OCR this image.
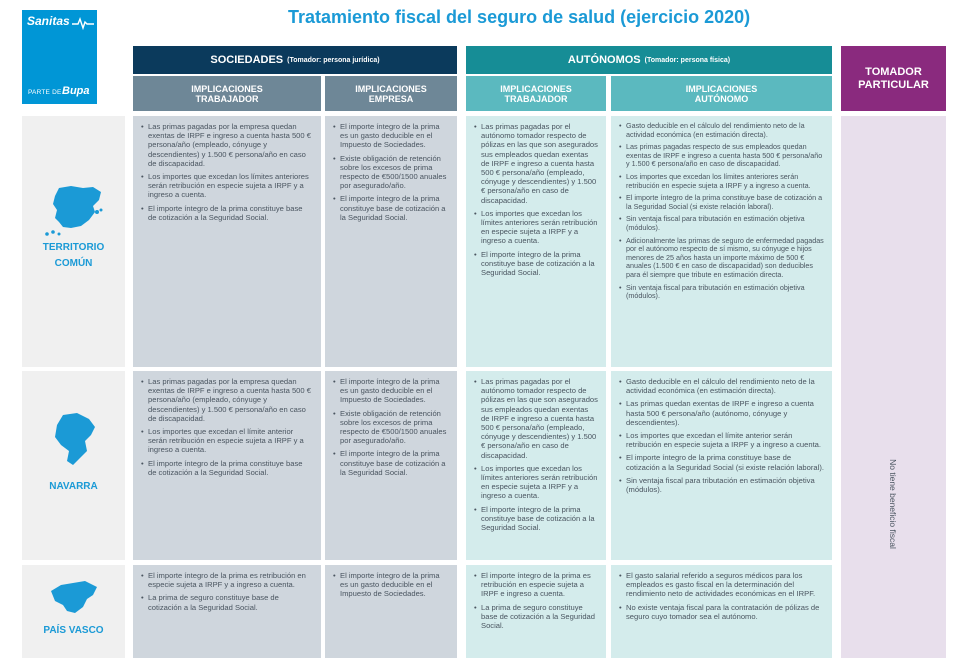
Sanitas
PARTE DE Bupa
Tratamiento fiscal del seguro de salud (ejercicio 2020)
SOCIEDADES (Tomador: persona jurídica)	AUTÓNOMOS (Tomador: persona física)
TOMADOR
PARTICULAR
IMPLICACIONES
TRABAJADOR
IMPLICACIONES
EMPRESA
IMPLICACIONES
TRABAJADOR
IMPLICACIONES
AUTÓNOMO
TERRITORIO
COMÚN
NAVARRA
PAÍS VASCO

• Las primas pagadas por la empresa quedan exentas de IRPF e ingreso a cuenta hasta 500 € persona/año (empleado, cónyuge y descendientes) y 1.500 € persona/año en caso de discapacidad.

• Los importes que excedan los límites anteriores serán retribución en especie sujeta a IRPF y a ingreso a cuenta.

• El importe íntegro de la prima constituye base de cotización a la Seguridad Social.

• El importe íntegro de la prima es un gasto deducible en el Impuesto de Sociedades.

• Existe obligación de retención sobre los excesos de prima respecto de €500/1500 anuales por asegurado/año.

• El importe íntegro de la prima constituye base de cotización a la Seguridad Social.

• Las primas pagadas por el autónomo tomador respecto de pólizas en las que son asegurados sus empleados quedan exentas de IRPF e ingreso a cuenta hasta 500 € persona/año (empleado, cónyuge y descendientes) y 1.500 € persona/año en caso de discapacidad.

• Los importes que excedan los límites anteriores serán retribución en especie sujeta a IRPF y a ingreso a cuenta.

• El importe íntegro de la prima constituye base de cotización a la Seguridad Social.

• Gasto deducible en el cálculo del rendimiento neto de la actividad económica (en estimación directa).

• Las primas pagadas respecto de sus empleados quedan exentas de IRPF e ingreso a cuenta hasta 500 € persona/año y 1.500 € persona/año en caso de discapacidad.

• Los importes que excedan los límites anteriores serán retribución en especie sujeta a IRPF y a ingreso a cuenta.

• El importe íntegro de la prima constituye base de cotización a la Seguridad Social (si existe relación laboral).

• Sin ventaja fiscal para tributación en estimación objetiva (módulos).

• Adicionalmente las primas de seguro de enfermedad pagadas por el autónomo respecto de sí mismo, su cónyuge e hijos menores de 25 años hasta un importe máximo de 500 € anuales (1.500 € en caso de discapacidad) son deducibles para él siempre que tribute en estimación directa.

• Sin ventaja fiscal para tributación en estimación objetiva (módulos).

• Las primas pagadas por la empresa quedan exentas de IRPF e ingreso a cuenta hasta 500 € persona/año (empleado, cónyuge y descendientes) y 1.500 € persona/año en caso de discapacidad.

• Los importes que excedan el límite anterior serán retribución en especie sujeta a IRPF y a ingreso a cuenta.

• El importe íntegro de la prima constituye base de cotización a la Seguridad Social.

• El importe íntegro de la prima es un gasto deducible en el Impuesto de Sociedades.

• Existe obligación de retención sobre los excesos de prima respecto de €500/1500 anuales por asegurado/año.

• El importe íntegro de la prima constituye base de cotización a la Seguridad Social.

• Las primas pagadas por el autónomo tomador respecto de pólizas en las que son asegurados sus empleados quedan exentas de IRPF e ingreso a cuenta hasta 500 € persona/año (empleado, cónyuge y descendientes) y 1.500 € persona/año en caso de discapacidad.

• Los importes que excedan los límites anteriores serán retribución en especie sujeta a IRPF y a ingreso a cuenta.

• El importe íntegro de la prima constituye base de cotización a la Seguridad Social.

• Gasto deducible en el cálculo del rendimiento neto de la actividad económica (en estimación directa).

• Las primas quedan exentas de IRPF e ingreso a cuenta hasta 500 € persona/año (autónomo, cónyuge y descendientes).

• Los importes que excedan el límite anterior serán retribución en especie sujeta a IRPF y a ingreso a cuenta.

• El importe íntegro de la prima constituye base de cotización a la Seguridad Social (si existe relación laboral).

• Sin ventaja fiscal para tributación en estimación objetiva (módulos).

• El importe íntegro de la prima es retribución en especie sujeta a IRPF y a ingreso a cuenta.

• La prima de seguro constituye base de cotización a la Seguridad Social.

• El importe íntegro de la prima es un gasto deducible en el Impuesto de Sociedades.

• El importe íntegro de la prima es retribución en especie sujeta a IRPF e ingreso a cuenta.

• La prima de seguro constituye base de cotización a la Seguridad Social.

• El gasto salarial referido a seguros médicos para los empleados es gasto fiscal en la determinación del rendimiento neto de actividades económicas en el IRPF.

• No existe ventaja fiscal para la contratación de pólizas de seguro cuyo tomador sea el autónomo.

No tiene beneficio fiscal
